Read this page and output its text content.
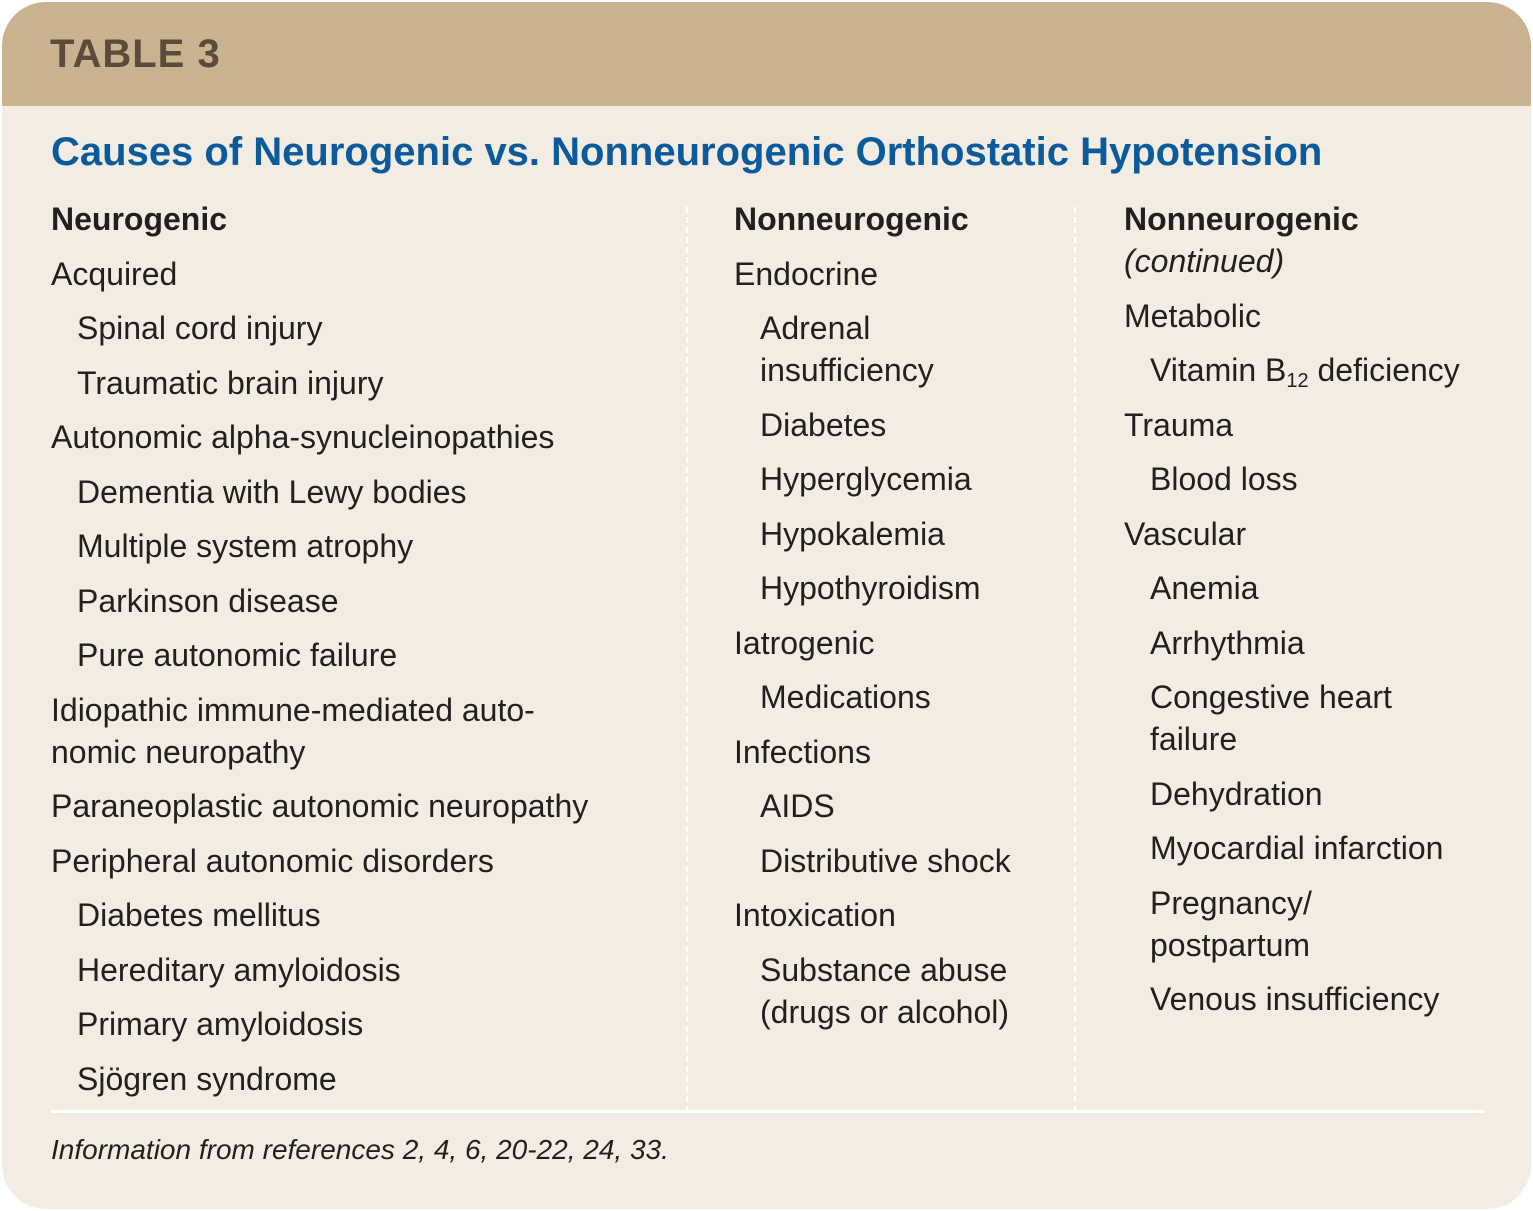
TABLE 3
Causes of Neurogenic vs. Nonneurogenic Orthostatic Hypotension
Neurogenic
Acquired
Spinal cord injury
Traumatic brain injury
Autonomic alpha-synucleinopathies
Dementia with Lewy bodies
Multiple system atrophy
Parkinson disease
Pure autonomic failure
Idiopathic immune-mediated auto-
nomic neuropathy
Paraneoplastic autonomic neuropathy
Peripheral autonomic disorders
Diabetes mellitus
Hereditary amyloidosis
Primary amyloidosis
Sjögren syndrome
Nonneurogenic
Endocrine
Adrenal
insufficiency
Diabetes
Hyperglycemia
Hypokalemia
Hypothyroidism
Iatrogenic
Medications
Infections
AIDS
Distributive shock
Intoxication
Substance abuse
(drugs or alcohol)
Nonneurogenic
(continued)
Metabolic
Vitamin $B_{12}$ deficiency
Trauma
Blood loss
Vascular
Anemia
Arrhythmia
Congestive heart
failure
Dehydration
Myocardial infarction
Pregnancy/
postpartum
Venous insufficiency
Information from references 2, 4, 6, 20-22, 24, 33.
